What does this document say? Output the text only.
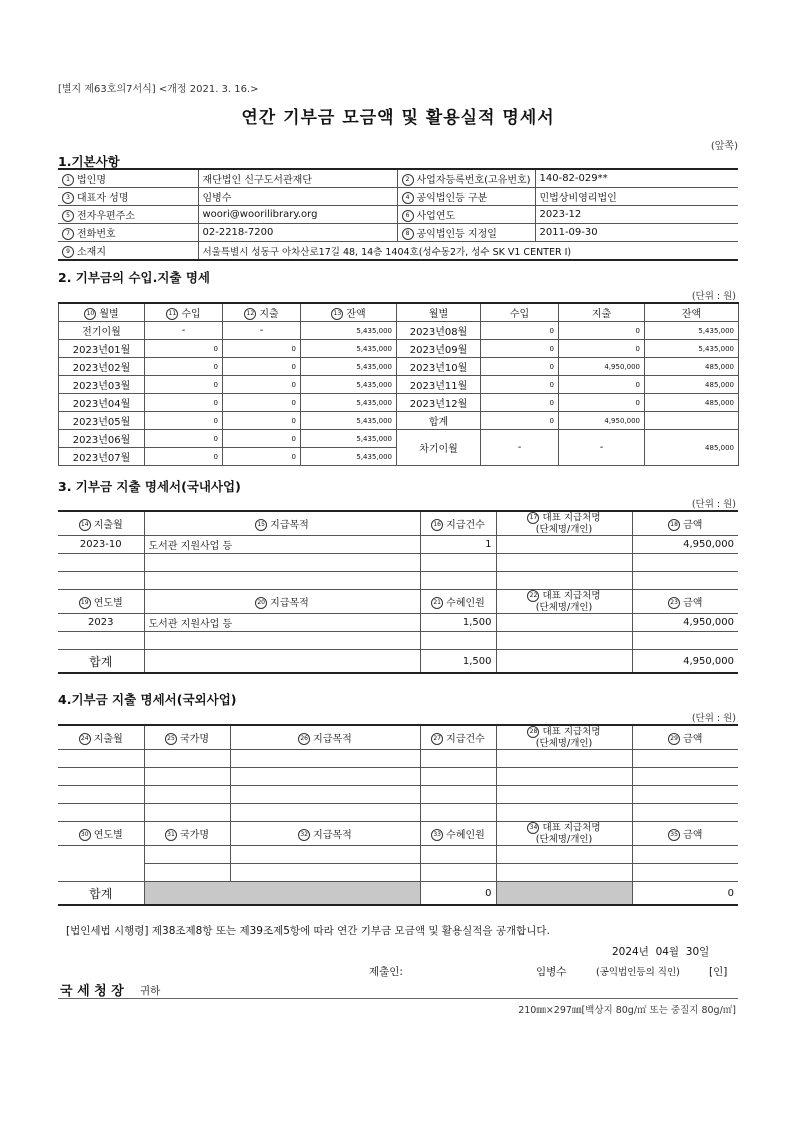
[별지 제63호의7서식] <개정 2021. 3. 16.>
연간 기부금 모금액 및 활용실적 명세서
(앞쪽)
1.기본사항
1 법인명	재단법인 신구도서관재단	2 사업자등록번호(고유번호)	140-82-029**
3 대표자 성명	임병수	4 공익법인등 구분	민법상비영리법인
5 전자우편주소	woori@woorilibrary.org	6 사업연도	2023-12
7 전화번호	02-2218-7200	8 공익법인등 지정일	2011-09-30
9 소재지	서울특별시 성동구 아차산로17길 48, 14층 1404호(성수동2가, 성수 SK V1 CENTER I)		
2. 기부금의 수입.지출 명세
(단위 : 원)
10 월별	11 수입	12 지출	13 잔액	월별	수입	지출	잔액
전기이월	-	-	5,435,000	2023년08월	0	0	5,435,000
2023년01월	0	0	5,435,000	2023년09월	0	0	5,435,000
2023년02월	0	0	5,435,000	2023년10월	0	4,950,000	485,000
2023년03월	0	0	5,435,000	2023년11월	0	0	485,000
2023년04월	0	0	5,435,000	2023년12월	0	0	485,000
2023년05월	0	0	5,435,000	합계	0	4,950,000	
2023년06월	0	0	5,435,000	차기이월	-	-	485,000
2023년07월	0	0	5,435,000				
3. 기부금 지출 명세서(국내사업)
(단위 : 원)
14 지출월	15 지급목적	16 지급건수	17 대표 지급처명
(단체명/개인)	18 금액
2023-10	도서관 지원사업 등	1		4,950,000

19 연도별	20 지급목적	21 수혜인원	22 대표 지급처명
(단체명/개인)	23 금액
2023	도서관 지원사업 등	1,500		4,950,000

합계		1,500		4,950,000
4.기부금 지출 명세서(국외사업)
(단위 : 원)
24 지출월	25 국가명	26 지급목적	27 지급건수	28 대표 지급처명
(단체명/개인)	29 금액

30 연도별	31 국가명	32 지급목적	33 수혜인원	34 대표 지급처명
(단체명/개인)	35 금액

합계			0		0
[법인세법 시행령] 제38조제8항 또는 제39조제5항에 따라 연간 기부금 모금액 및 활용실적을 공개합니다.
2024년 04월 30일
제출인:	임병수	(공익법인등의 직인)	[인]
국 세 청 장 귀하
210㎜×297㎜[백상지 80g/㎡ 또는 중질지 80g/㎡]
